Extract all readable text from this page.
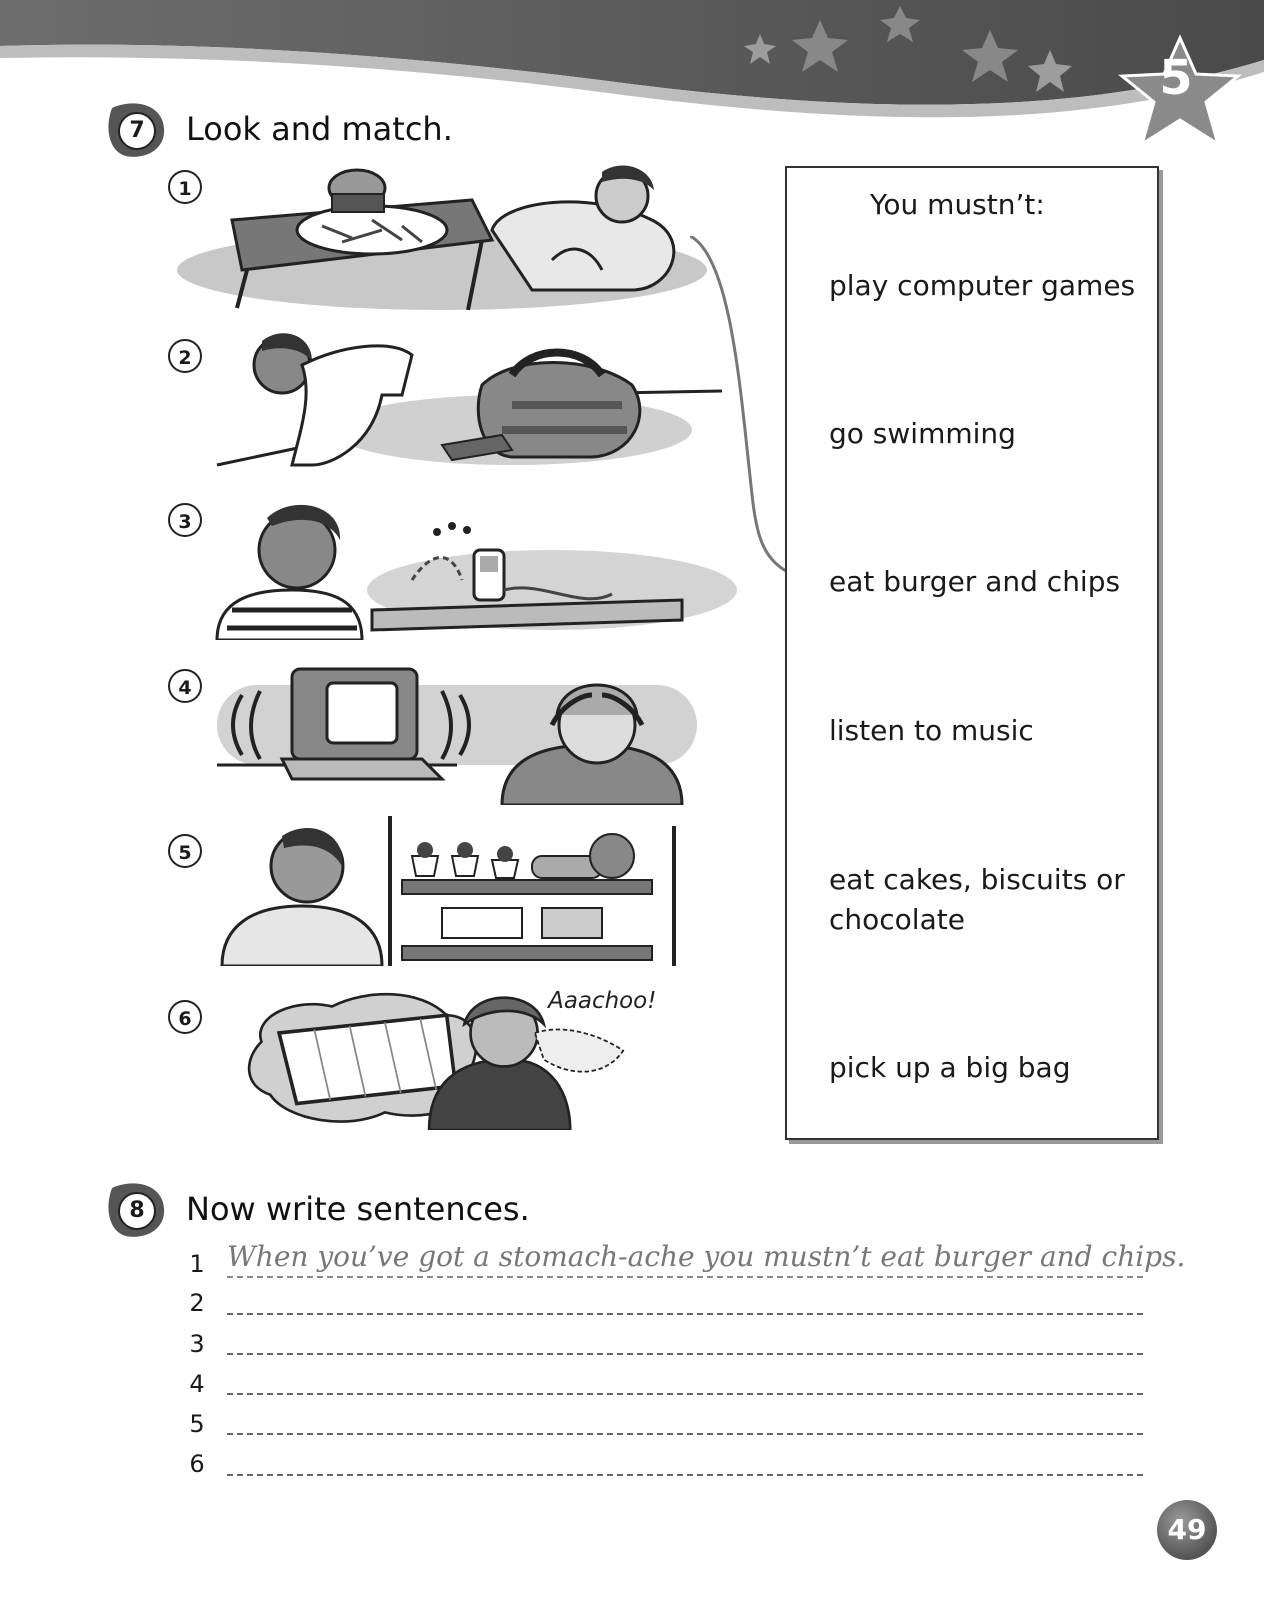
5
7	Look and match.
1
2
3
4
5
6
Aaachoo!
You mustn’t:
play computer games
go swimming
eat burger and chips
listen to music
eat cakes, biscuits or chocolate
pick up a big bag
8	Now write sentences.
1 When you’ve got a stomach-ache you mustn’t eat burger and chips.
2
3
4
5
6
49
